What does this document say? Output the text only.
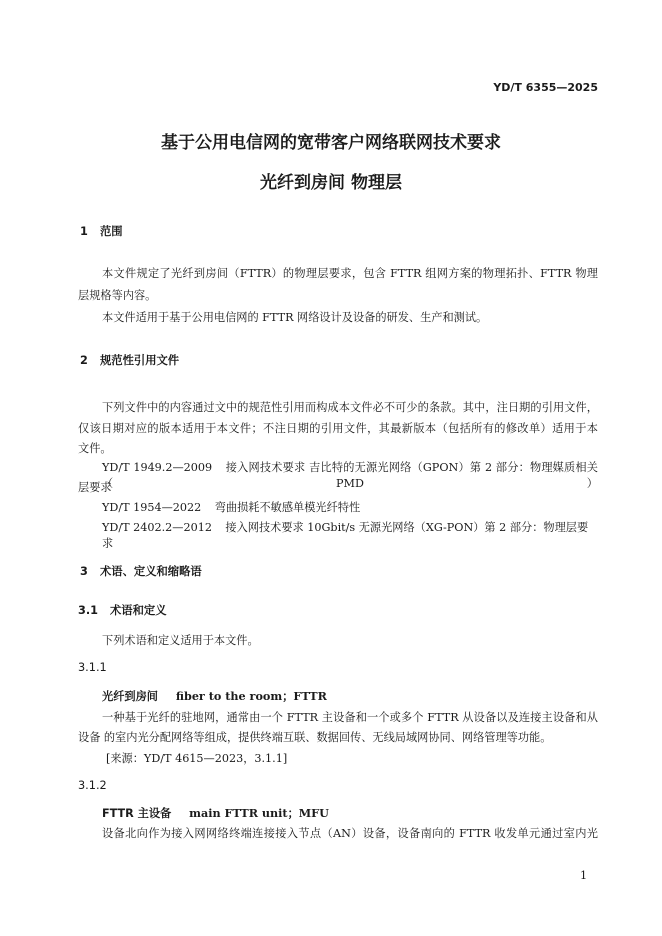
YD/T 6355—2025
基于公用电信网的宽带客户网络联网技术要求
光纤到房间 物理层
1 范围
本文件规定了光纤到房间（FTTR）的物理层要求，包含 FTTR 组网方案的物理拓扑、FTTR 物理
层规格等内容。
本文件适用于基于公用电信网的 FTTR 网络设计及设备的研发、生产和测试。
2 规范性引用文件
下列文件中的内容通过文中的规范性引用而构成本文件必不可少的条款。其中，注日期的引用文件，
仅该日期对应的版本适用于本文件；不注日期的引用文件，其最新版本（包括所有的修改单）适用于本
文件。
YD/T 1949.2—2009 接入网技术要求 吉比特的无源光网络（GPON）第 2 部分：物理媒质相关（PMD）
层要求
YD/T 1954—2022 弯曲损耗不敏感单模光纤特性
YD/T 2402.2—2012 接入网技术要求 10Gbit/s 无源光网络（XG-PON）第 2 部分：物理层要求
3 术语、定义和缩略语
3.1 术语和定义
下列术语和定义适用于本文件。
3.1.1
光纤到房间 fiber to the room；FTTR
一种基于光纤的驻地网，通常由一个 FTTR 主设备和一个或多个 FTTR 从设备以及连接主设备和从
设备 的室内光分配网络等组成，提供终端互联、数据回传、无线局域网协同、网络管理等功能。
[来源：YD/T 4615—2023，3.1.1]
3.1.2
FTTR 主设备 main FTTR unit；MFU
设备北向作为接入网网络终端连接接入节点（AN）设备，设备南向的 FTTR 收发单元通过室内光
1
